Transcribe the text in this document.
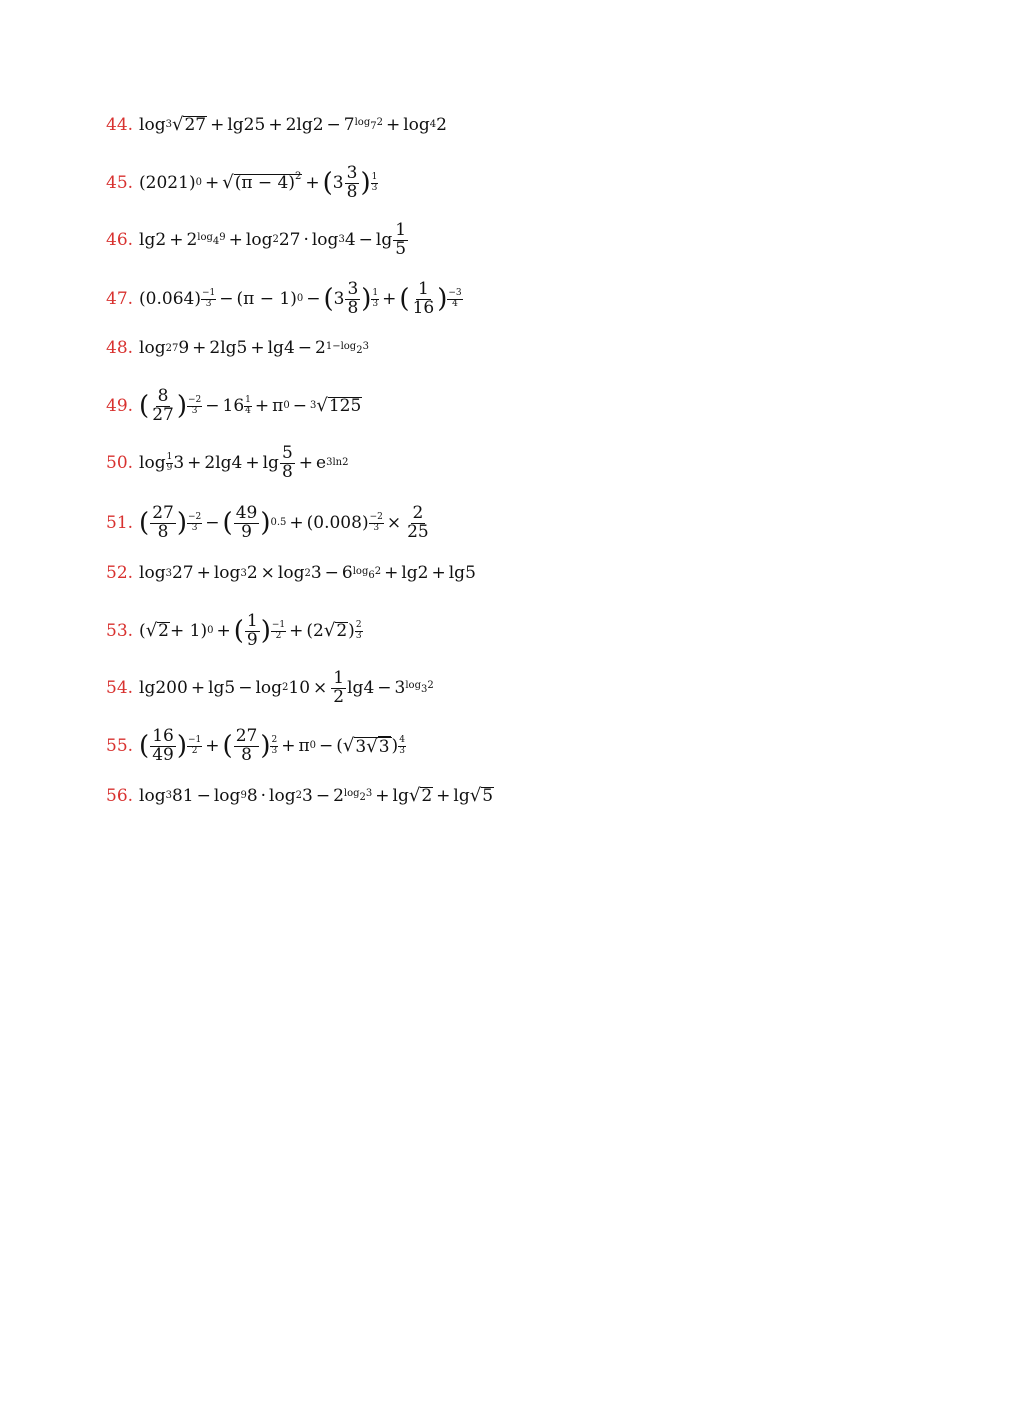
44. log 3 √ 27 + lg25 + 2lg2 − 7 $\log_72 + \log 4$ 2
45. (2021) 0 + √ $(\pi - 4)^2$ + ( $3 \frac{3}{8}$ ) 1
3
46. lg2 + 2 $\log_49 + \log 2$ 27 · log 3 $4 - \lg \frac{1}{5}$
47. (0.064) −1
3 − (π − 1) 0 − ( $3 \frac{3}{8}$ ) 1
3 + ( $\frac{1}{16}$ ) −3
4
48. log 27 9 + 2lg5 + lg4 − 2 $1-\log_23$
49. ( $\frac{8}{27}$ ) −2
$3 - 16 \frac{1}{4} + \pi$ 0 − 3 √ 125
50. log 1
9 $3 + 2\lg 4 + \lg \frac{5}{8} + e$ 3ln2
51. ( $\frac{27}{8}$ ) −2
3 − ( $\frac{49}{9}$ ) $0.5 + (0.008) \frac{-2}{3} \times \frac{2}{25}$
52. log 3 27 + log 3 2 × log 2 3 − 6 $\log_62 + \lg 2 + \lg 5$
53. ( √ 2 + 1) 0 + ( $\frac{1}{9}$ ) −1
2 + (2 √ 2 ) 2
3
54. lg200 + lg5 − log 2 $10 \times \frac{1}{2} \lg 4 - 3$ $\log_32$
55. ( $\frac{16}{49}$ ) −1
2 + ( $\frac{27}{8}$ ) 2
3 + π 0 − ( √ 3√3 ) 4
3
56. log 3 81 − log 9 8 · log 2 3 − 2 $\log_23 + \lg$ √ 2 + lg √ 5
